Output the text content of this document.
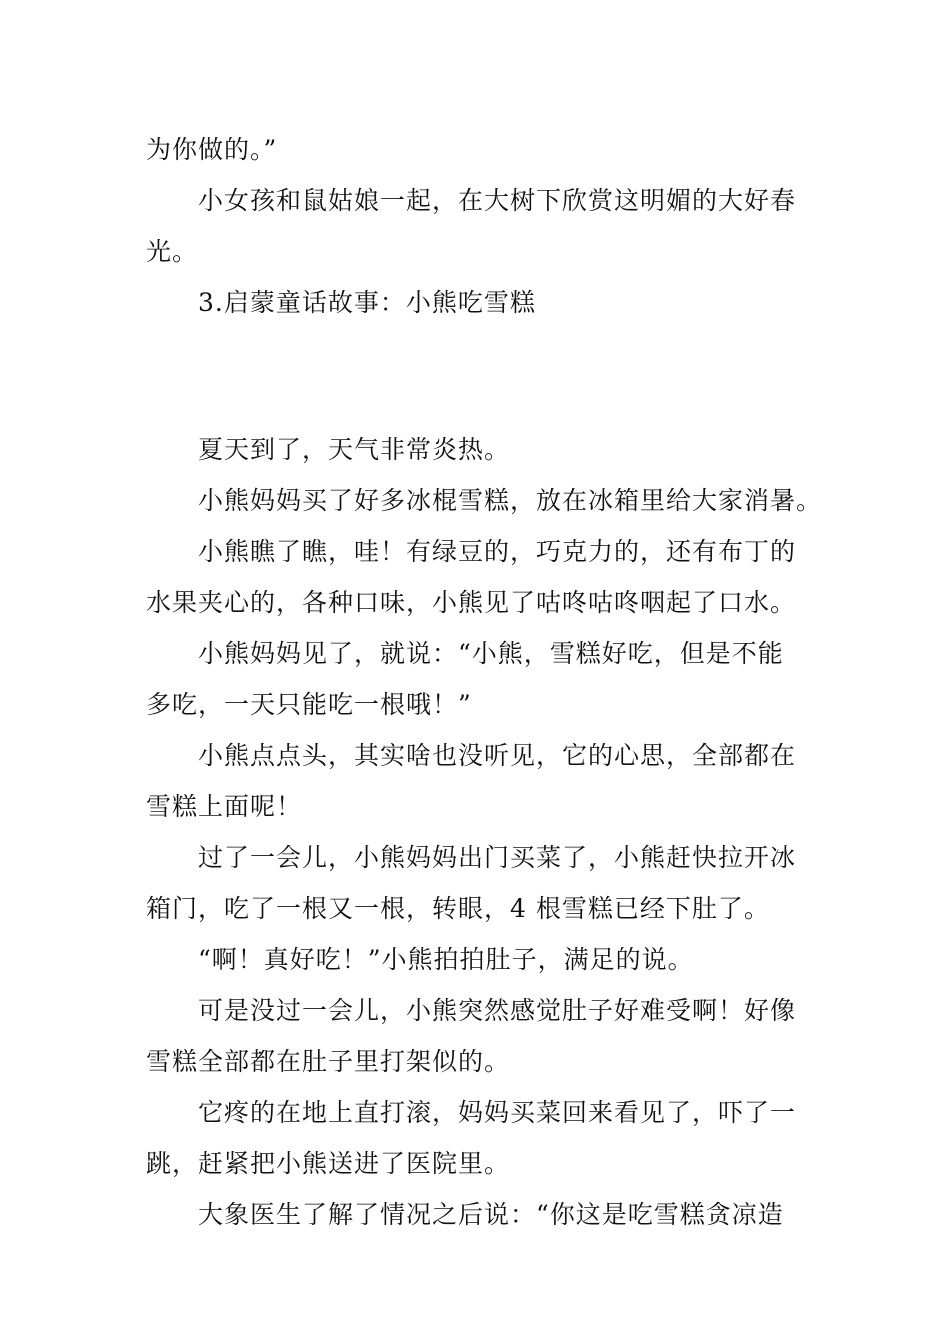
为你做的。”
小女孩和鼠姑娘一起，在大树下欣赏这明媚的大好春
光。
3.启蒙童话故事：小熊吃雪糕
夏天到了，天气非常炎热。
小熊妈妈买了好多冰棍雪糕，放在冰箱里给大家消暑。
小熊瞧了瞧，哇！有绿豆的，巧克力的，还有布丁的
水果夹心的，各种口味，小熊见了咕咚咕咚咽起了口水。
小熊妈妈见了，就说：“小熊，雪糕好吃，但是不能
多吃，一天只能吃一根哦！”
小熊点点头，其实啥也没听见，它的心思，全部都在
雪糕上面呢！
过了一会儿，小熊妈妈出门买菜了，小熊赶快拉开冰
箱门，吃了一根又一根，转眼，4 根雪糕已经下肚了。
“啊！真好吃！”小熊拍拍肚子，满足的说。
可是没过一会儿，小熊突然感觉肚子好难受啊！好像
雪糕全部都在肚子里打架似的。
它疼的在地上直打滚，妈妈买菜回来看见了，吓了一
跳，赶紧把小熊送进了医院里。
大象医生了解了情况之后说：“你这是吃雪糕贪凉造
